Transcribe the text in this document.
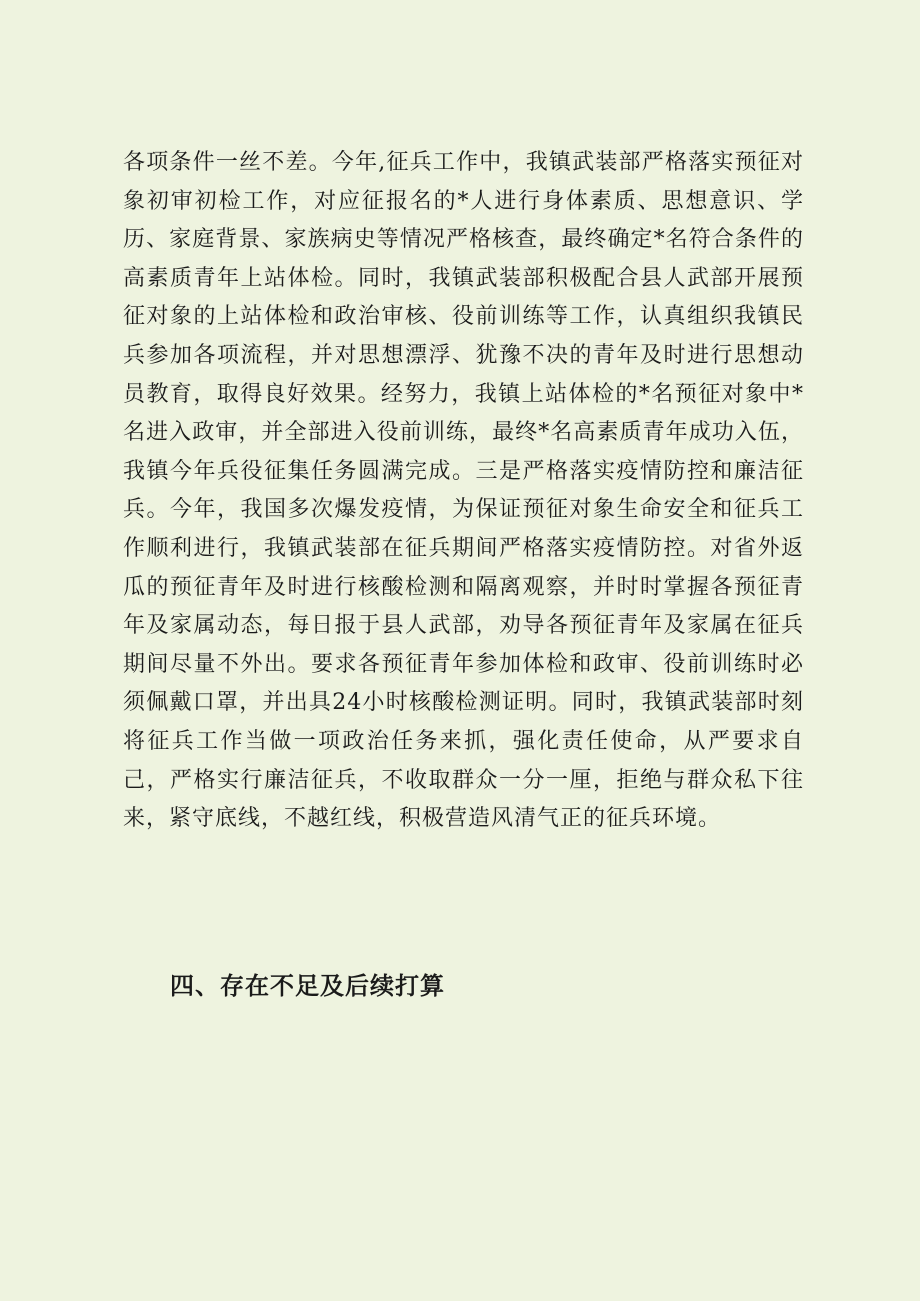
各项条件一丝不差。今年,征兵工作中，我镇武装部严格落实预征对象初审初检工作，对应征报名的*人进行身体素质、思想意识、学历、家庭背景、家族病史等情况严格核查，最终确定*名符合条件的高素质青年上站体检。同时，我镇武装部积极配合县人武部开展预征对象的上站体检和政治审核、役前训练等工作，认真组织我镇民兵参加各项流程，并对思想漂浮、犹豫不决的青年及时进行思想动员教育，取得良好效果。经努力，我镇上站体检的*名预征对象中*名进入政审，并全部进入役前训练，最终*名高素质青年成功入伍，我镇今年兵役征集任务圆满完成。三是严格落实疫情防控和廉洁征兵。今年，我国多次爆发疫情，为保证预征对象生命安全和征兵工作顺利进行，我镇武装部在征兵期间严格落实疫情防控。对省外返瓜的预征青年及时进行核酸检测和隔离观察，并时时掌握各预征青年及家属动态，每日报于县人武部，劝导各预征青年及家属在征兵期间尽量不外出。要求各预征青年参加体检和政审、役前训练时必须佩戴口罩，并出具24小时核酸检测证明。同时，我镇武装部时刻将征兵工作当做一项政治任务来抓，强化责任使命，从严要求自己，严格实行廉洁征兵，不收取群众一分一厘，拒绝与群众私下往来，紧守底线，不越红线，积极营造风清气正的征兵环境。

四、存在不足及后续打算
